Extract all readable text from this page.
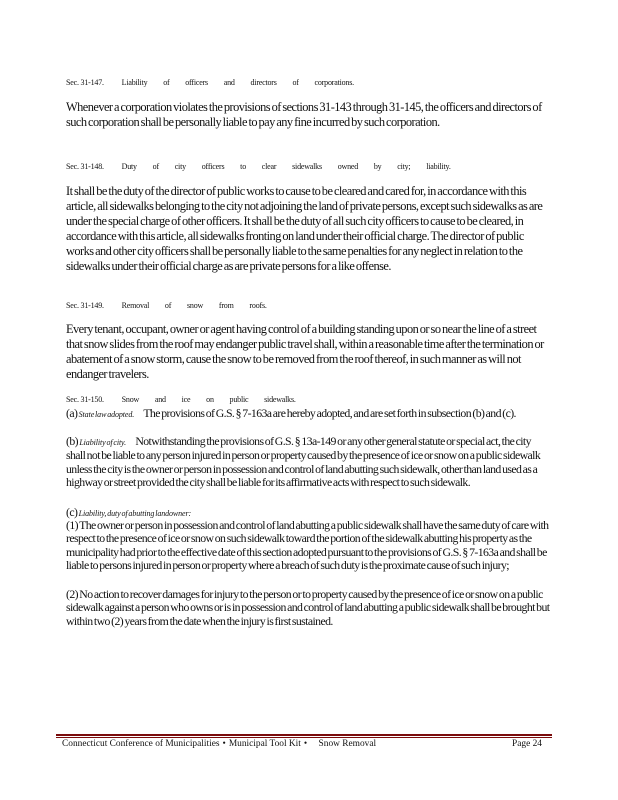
Sec. 31-147. Liability of officers and directors of corporations.
Whenever a corporation violates the provisions of sections 31-143 through 31-145, the officers and directors of such corporation shall be personally liable to pay any fine incurred by such corporation.
Sec. 31-148. Duty of city officers to clear sidewalks owned by city; liability.
It shall be the duty of the director of public works to cause to be cleared and cared for, in accordance with this article, all sidewalks belonging to the city not adjoining the land of private persons, except such sidewalks as are under the special charge of other officers. It shall be the duty of all such city officers to cause to be cleared, in accordance with this article, all sidewalks fronting on land under their official charge. The director of public works and other city officers shall be personally liable to the same penalties for any neglect in relation to the sidewalks under their official charge as are private persons for a like offense.
Sec. 31-149. Removal of snow from roofs.
Every tenant, occupant, owner or agent having control of a building standing upon or so near the line of a street that snow slides from the roof may endanger public travel shall, within a reasonable time after the termination or abatement of a snow storm, cause the snow to be removed from the roof thereof, in such manner as will not endanger travelers.
Sec. 31-150. Snow and ice on public sidewalks.
(a) State law adopted. The provisions of G.S. § 7-163a are hereby adopted, and are set forth in subsection (b) and (c).
(b) Liability of city. Notwithstanding the provisions of G.S. § 13a-149 or any other general statute or special act, the city shall not be liable to any person injured in person or property caused by the presence of ice or snow on a public sidewalk unless the city is the owner or person in possession and control of land abutting such sidewalk, other than land used as a highway or street provided the city shall be liable for its affirmative acts with respect to such sidewalk.
(c) Liability, duty of abutting landowner:
(1) The owner or person in possession and control of land abutting a public sidewalk shall have the same duty of care with respect to the presence of ice or snow on such sidewalk toward the portion of the sidewalk abutting his property as the municipality had prior to the effective date of this section adopted pursuant to the provisions of G.S. § 7-163a and shall be liable to persons injured in person or property where a breach of such duty is the proximate cause of such injury;
(2) No action to recover damages for injury to the person or to property caused by the presence of ice or snow on a public sidewalk against a person who owns or is in possession and control of land abutting a public sidewalk shall be brought but within two (2) years from the date when the injury is first sustained.
Connecticut Conference of Municipalities • Municipal Tool Kit • Snow Removal	Page 24
